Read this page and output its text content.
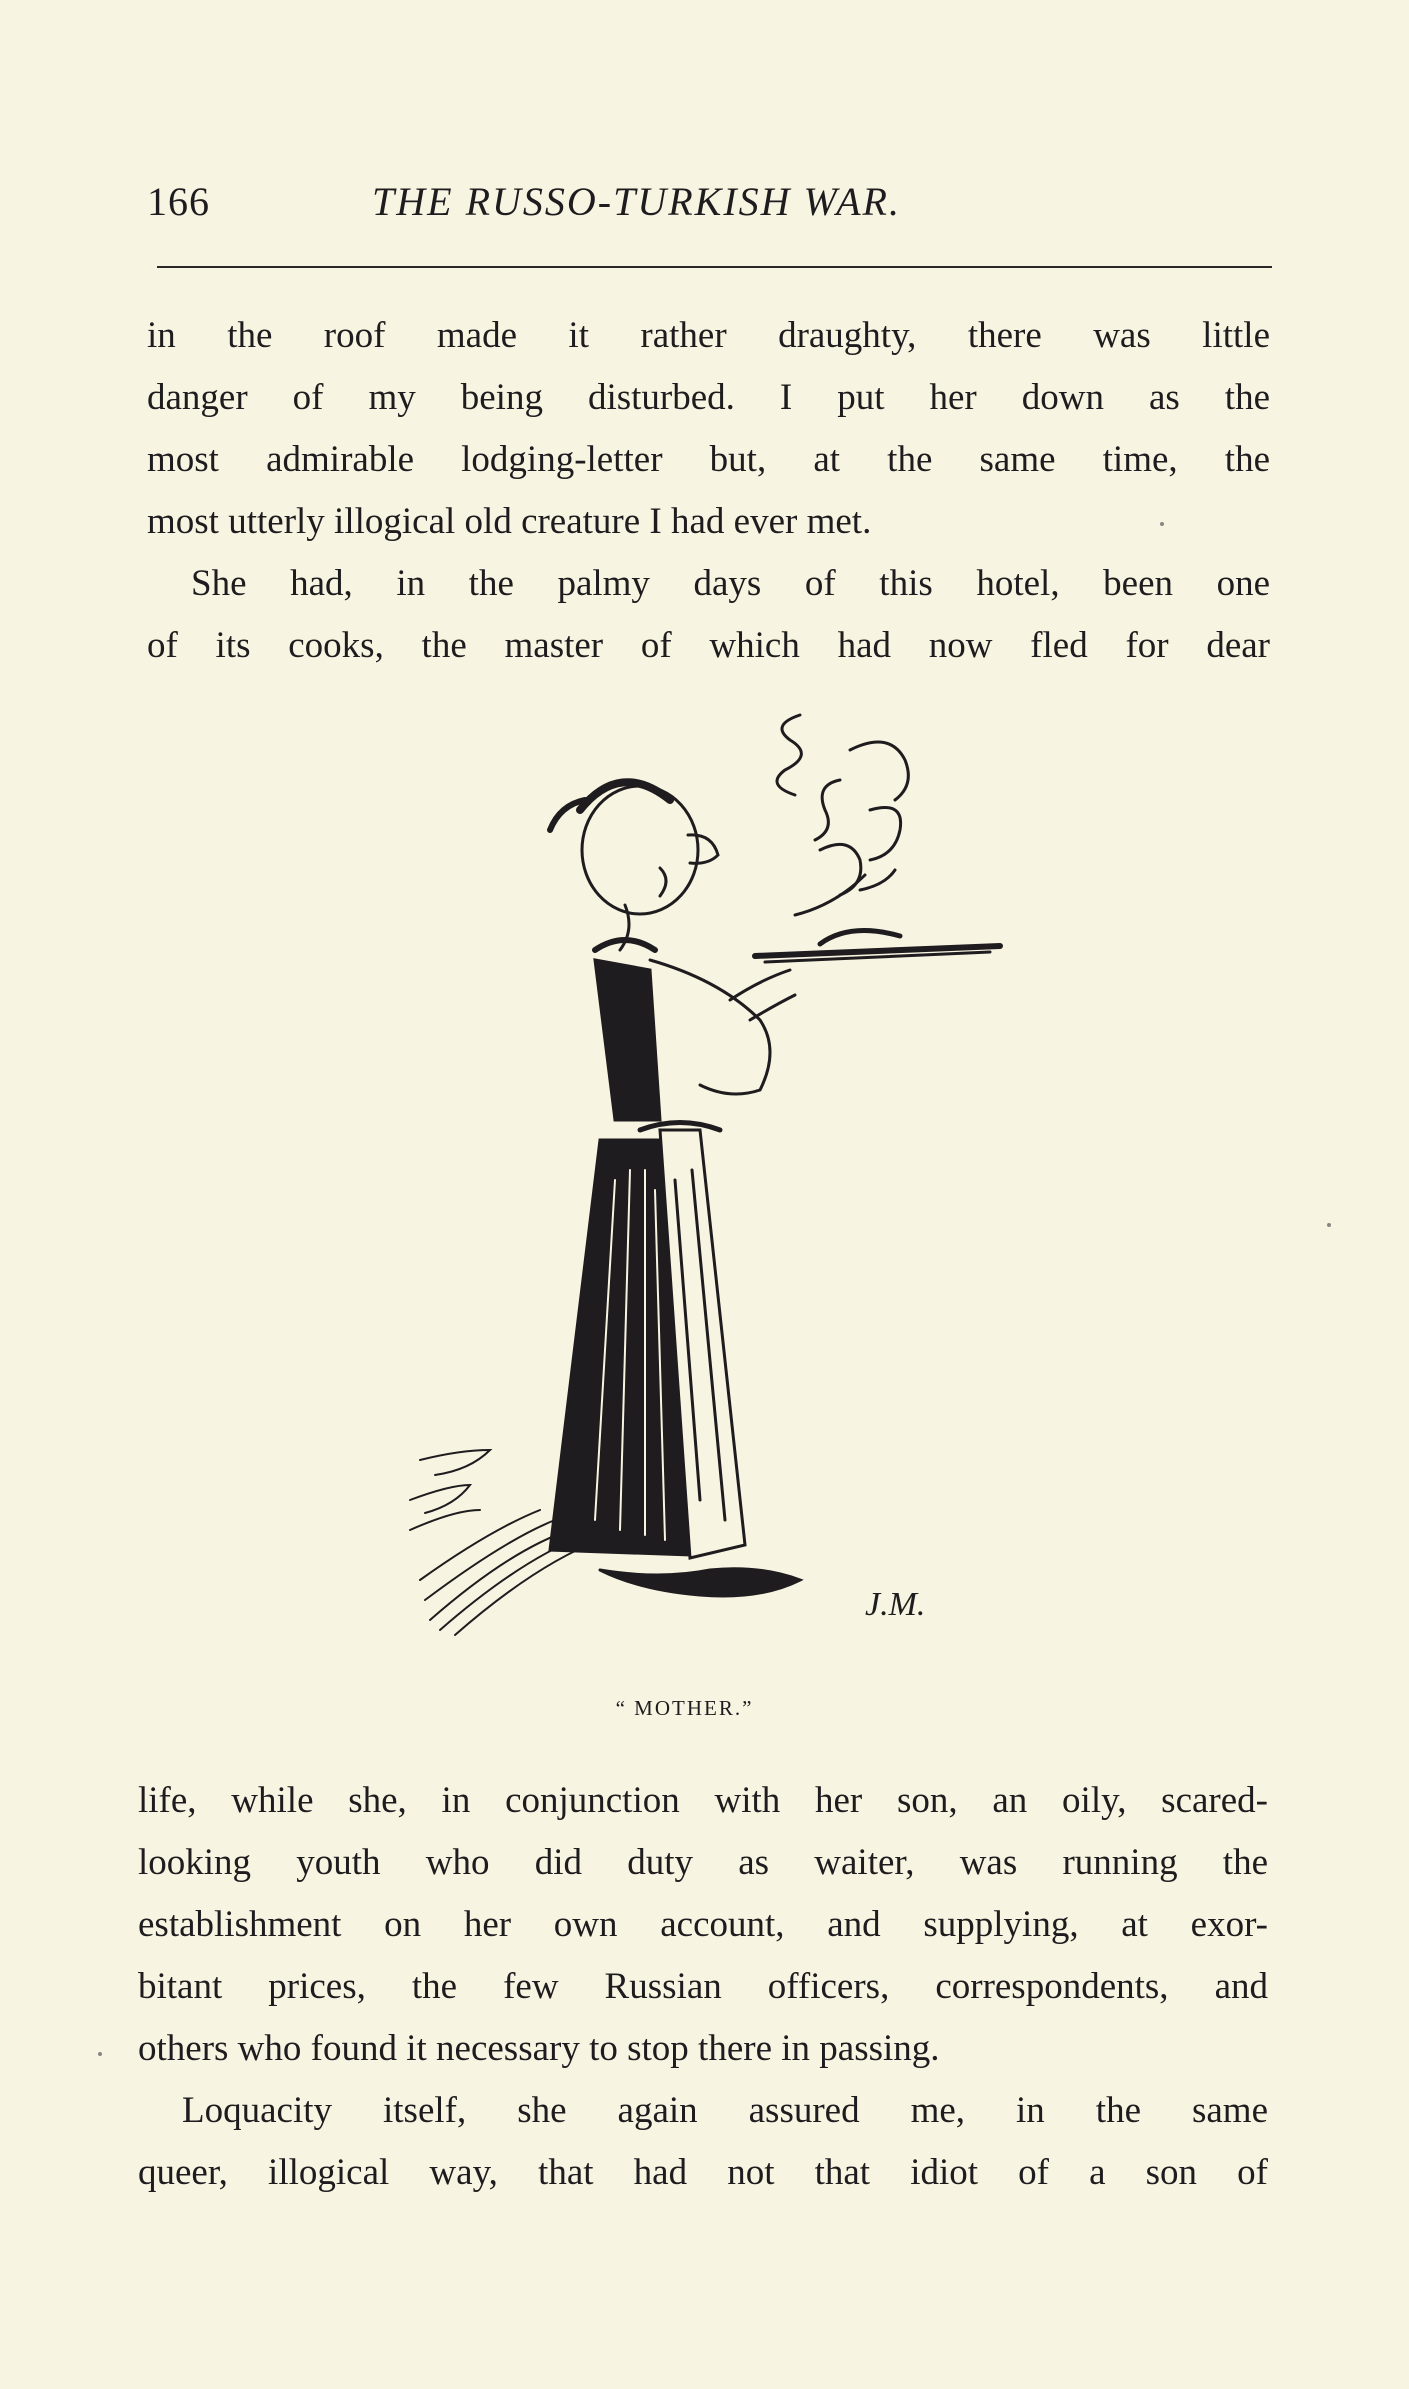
166	THE RUSSO-TURKISH WAR.
in the roof made it rather draughty, there was little
danger of my being disturbed. I put her down as the
most admirable lodging-letter but, at the same time, the
most utterly illogical old creature I had ever met.
She had, in the palmy days of this hotel, been one
of its cooks, the master of which had now fled for dear
J.M.
“ MOTHER.”
life, while she, in conjunction with her son, an oily, scared-
looking youth who did duty as waiter, was running the
establishment on her own account, and supplying, at exor-
bitant prices, the few Russian officers, correspondents, and
others who found it necessary to stop there in passing.
Loquacity itself, she again assured me, in the same
queer, illogical way, that had not that idiot of a son of
